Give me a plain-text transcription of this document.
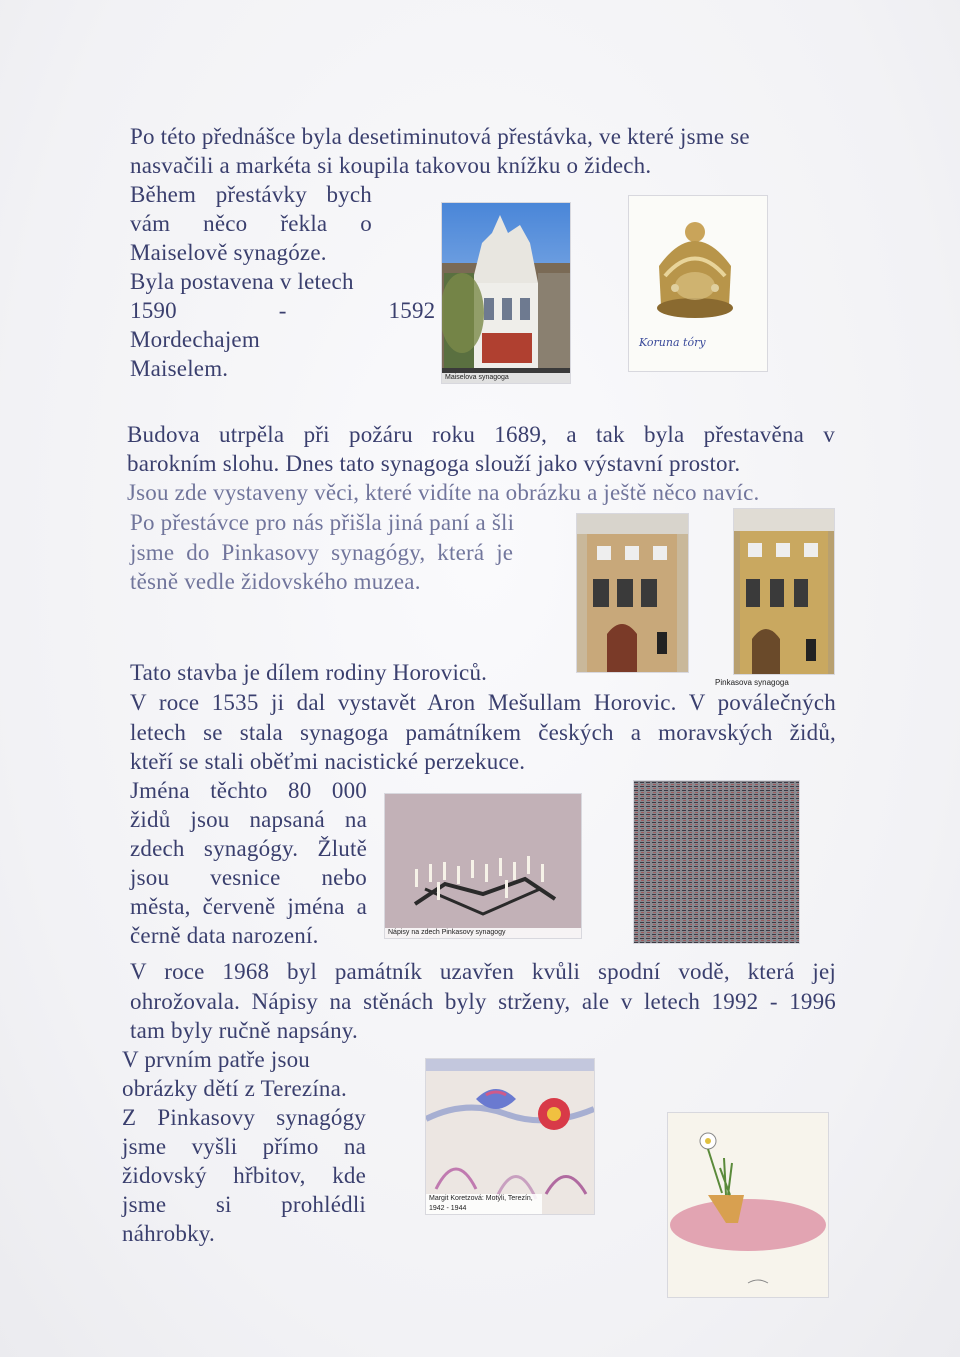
Po této přednášce byla desetiminutová přestávka, ve které jsme se

nasvačili a markéta si koupila takovou knížku o židech.

Během přestávky bych

vám něco řekla o

Maiselově synagóze.

Byla postavena v letech

1590 - 1592

Mordechajem

Maiselem.	Maiselova synagoga
Koruna tóry

Budova utrpěla při požáru roku 1689, a tak byla přestavěna v

barokním slohu. Dnes tato synagoga slouží jako výstavní prostor.

Jsou zde vystaveny věci, které vidíte na obrázku a ještě něco navíc.

Po přestávce pro nás přišla jiná paní a šli

jsme do Pinkasovy synagógy, která je

těsně vedle židovského muzea.

Pinkasova synagoga

Tato stavba je dílem rodiny Horoviců.

V roce 1535 ji dal vystavět Aron Mešullam Horovic. V poválečných

letech se stala synagoga památníkem českých a moravských židů,

kteří se stali oběťmi nacistické perzekuce.

Jména těchto 80 000

židů jsou napsaná na

zdech synagógy. Žlutě

jsou vesnice nebo

města, červeně jména a

černě data narození.	Nápisy na zdech Pinkasovy synagogy

V roce 1968 byl památník uzavřen kvůli spodní vodě, která jej

ohrožovala. Nápisy na stěnách byly strženy, ale v letech 1992 - 1996

tam byly ručně napsány.

V prvním patře jsou

obrázky dětí z Terezína.

Z Pinkasovy synagógy

jsme vyšli přímo na

židovský hřbitov, kde

jsme si prohlédli

náhrobky.

Margit Koretzová: Motýli, Terezín, 1942 - 1944
